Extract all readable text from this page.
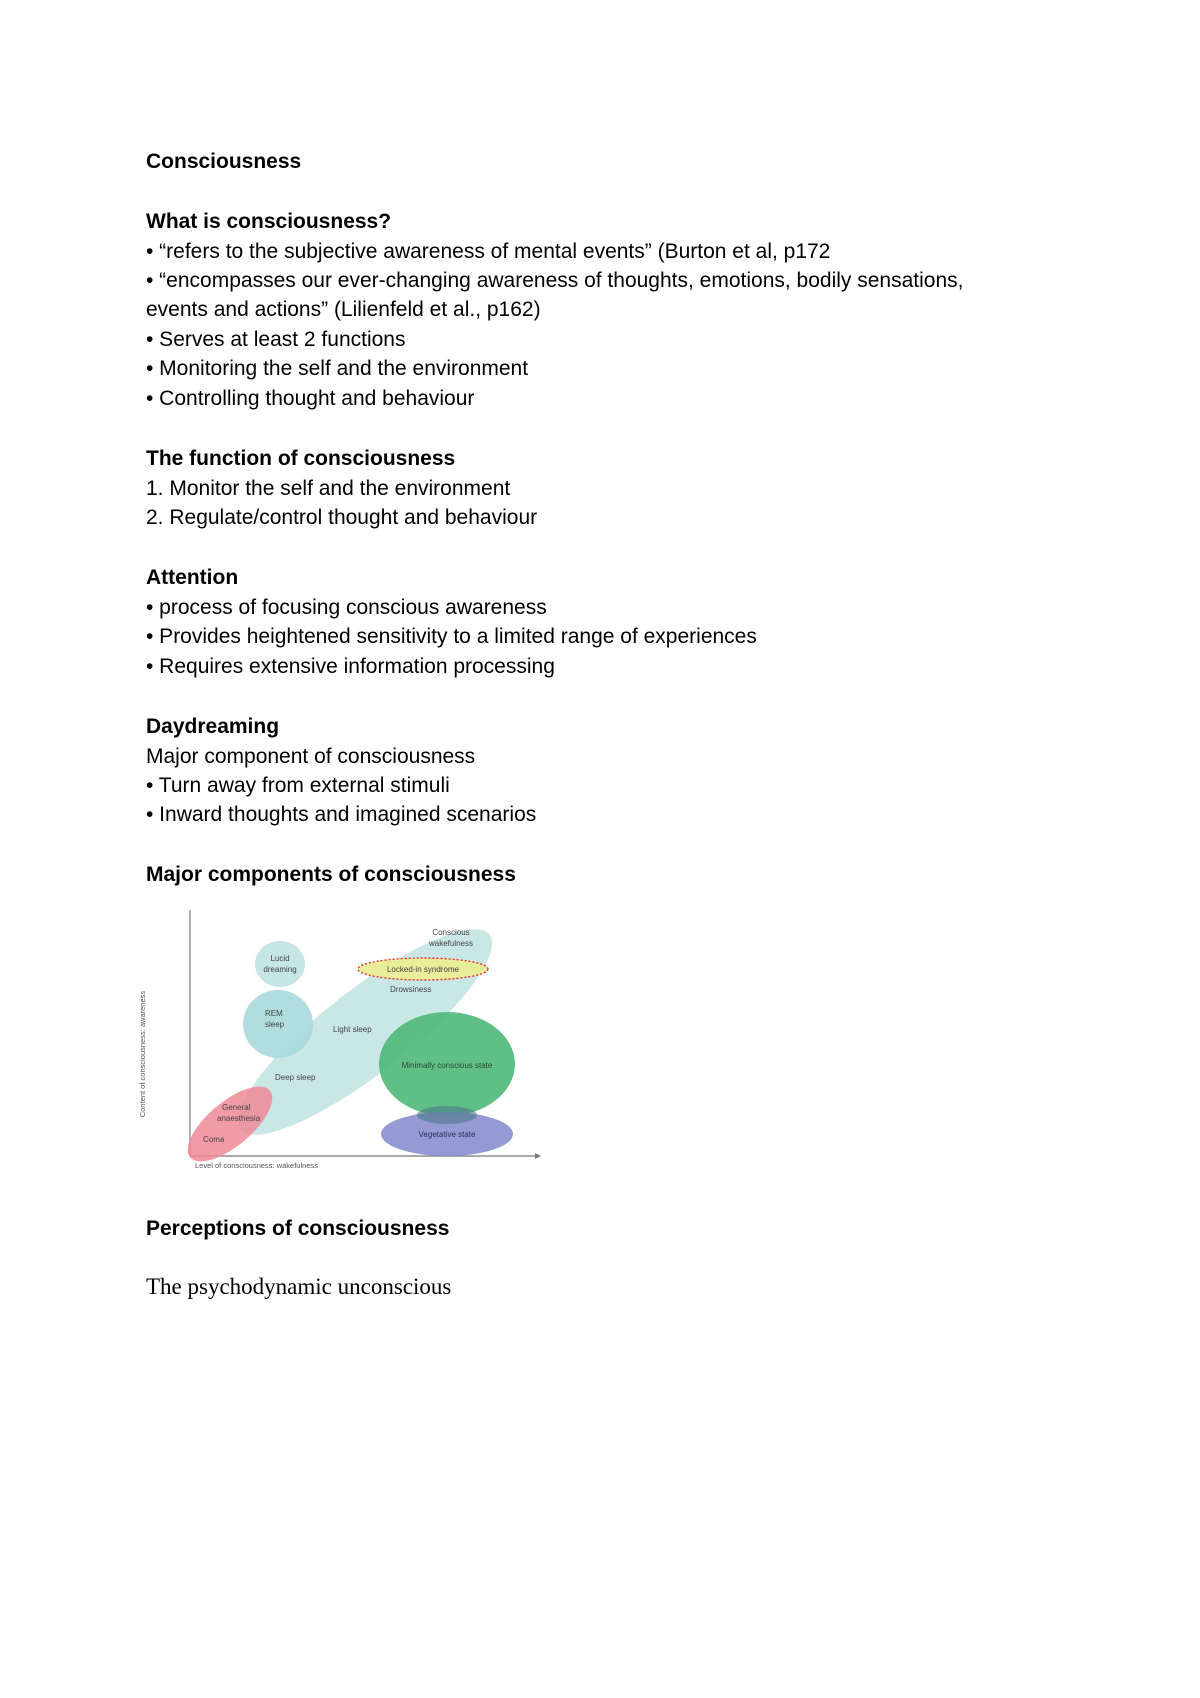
Consciousness
What is consciousness?
• “refers to the subjective awareness of mental events” (Burton et al, p172
• “encompasses our ever-changing awareness of thoughts, emotions, bodily sensations,
events and actions” (Lilienfeld et al., p162)
• Serves at least 2 functions
• Monitoring the self and the environment
• Controlling thought and behaviour
The function of consciousness
1. Monitor the self and the environment
2. Regulate/control thought and behaviour
Attention
• process of focusing conscious awareness
• Provides heightened sensitivity to a limited range of experiences
• Requires extensive information processing
Daydreaming
Major component of consciousness
• Turn away from external stimuli
• Inward thoughts and imagined scenarios
Major components of consciousness
Content of consciousness: awareness
Level of consciousness: wakefulness
Lucid
dreaming
REM
sleep
Light sleep
Deep sleep
General
anaesthesia
Coma
Conscious
wakefulness
Locked-in syndrome
Drowsiness
Minimally conscious state
Vegetative state
Perceptions of consciousness
The psychodynamic unconscious
